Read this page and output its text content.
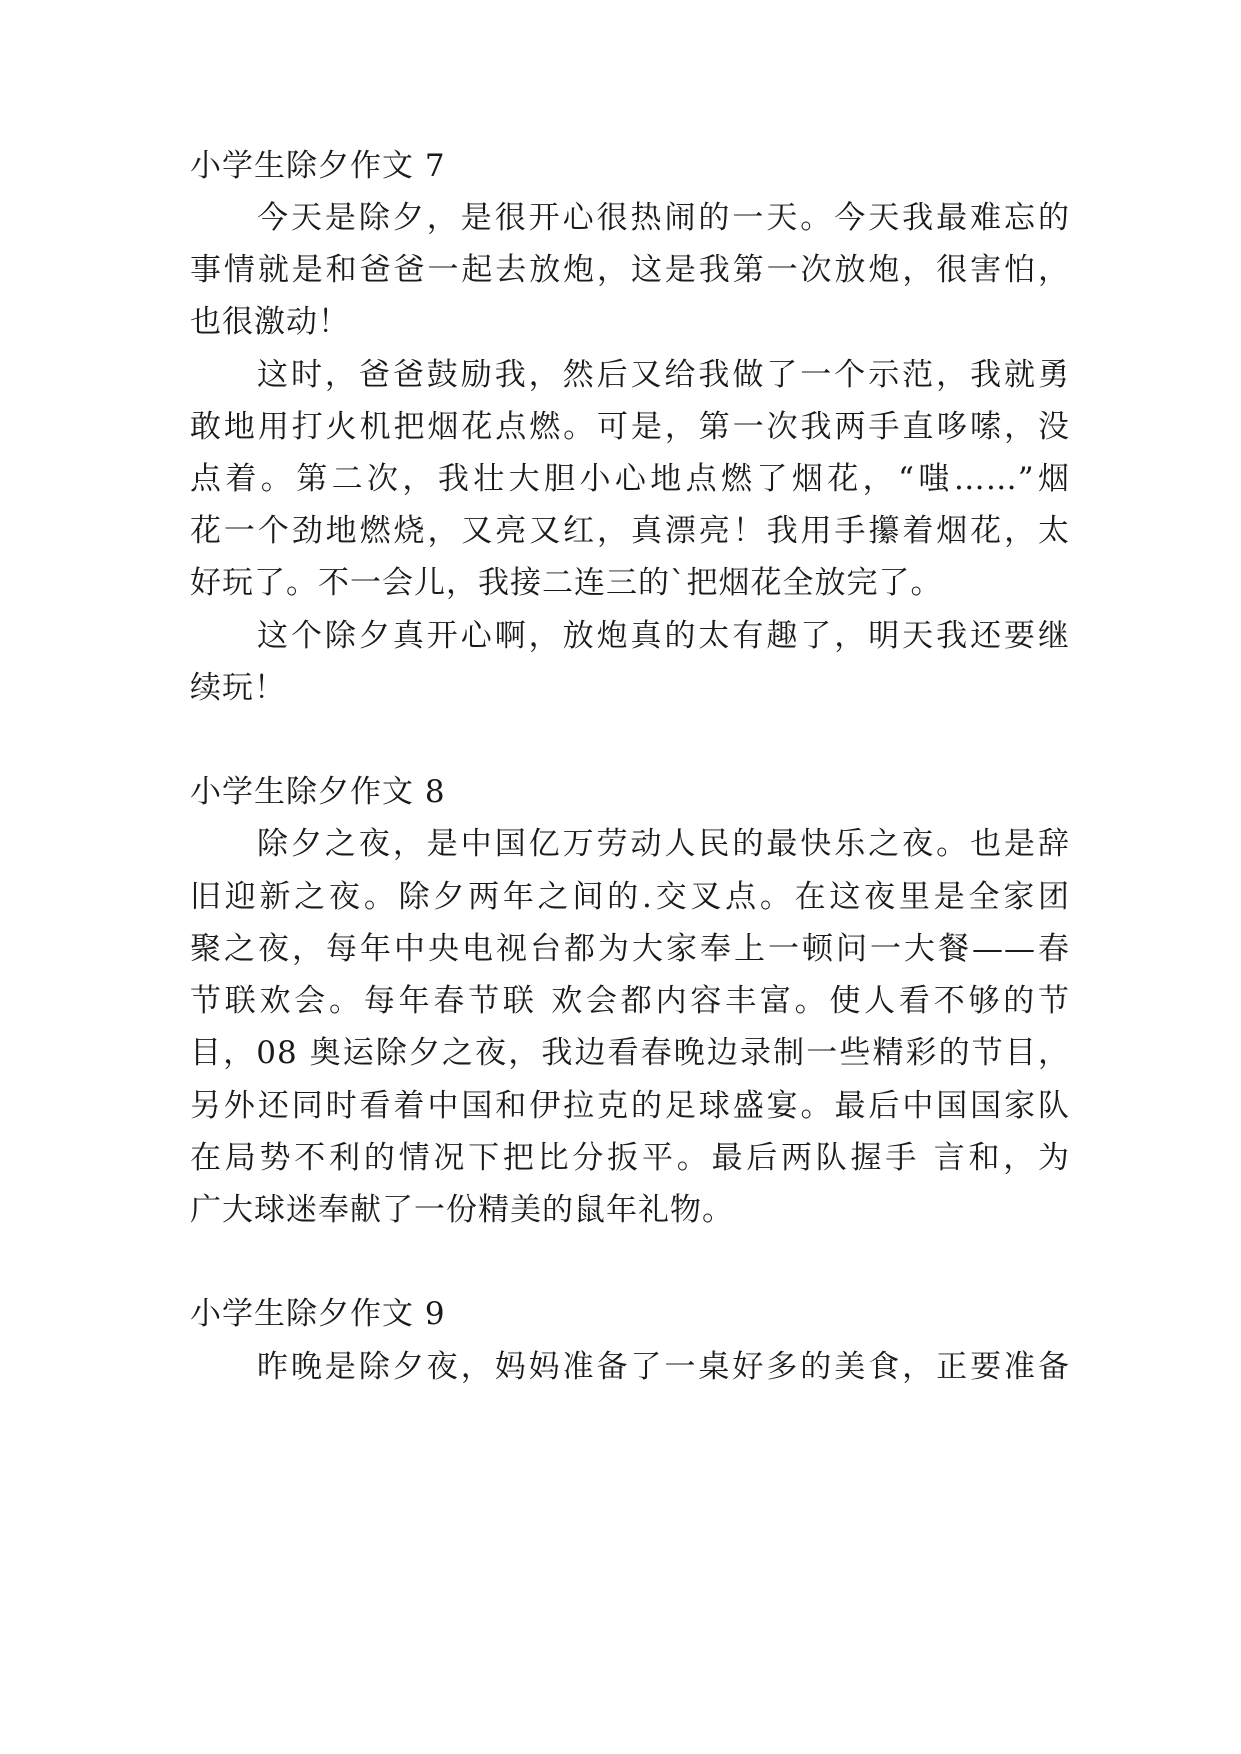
小学生除夕作文 7
今天是除夕，是很开心很热闹的一天。今天我最难忘的
事情就是和爸爸一起去放炮，这是我第一次放炮，很害怕，
也很激动！
这时，爸爸鼓励我，然后又给我做了一个示范，我就勇
敢地用打火机把烟花点燃。可是，第一次我两手直哆嗦，没
点着。第二次，我壮大胆小心地点燃了烟花，“嗤……”烟
花一个劲地燃烧，又亮又红，真漂亮！我用手攥着烟花，太
好玩了。不一会儿，我接二连三的`把烟花全放完了。
这个除夕真开心啊，放炮真的太有趣了，明天我还要继
续玩！
小学生除夕作文 8
除夕之夜，是中国亿万劳动人民的最快乐之夜。也是辞
旧迎新之夜。除夕两年之间的.交叉点。在这夜里是全家团
聚之夜，每年中央电视台都为大家奉上一顿问一大餐——春
节联欢会。每年春节联 欢会都内容丰富。使人看不够的节
目，08 奥运除夕之夜，我边看春晚边录制一些精彩的节目，
另外还同时看着中国和伊拉克的足球盛宴。最后中国国家队
在局势不利的情况下把比分扳平。最后两队握手 言和，为
广大球迷奉献了一份精美的鼠年礼物。
小学生除夕作文 9
昨晚是除夕夜，妈妈准备了一桌好多的美食，正要准备
